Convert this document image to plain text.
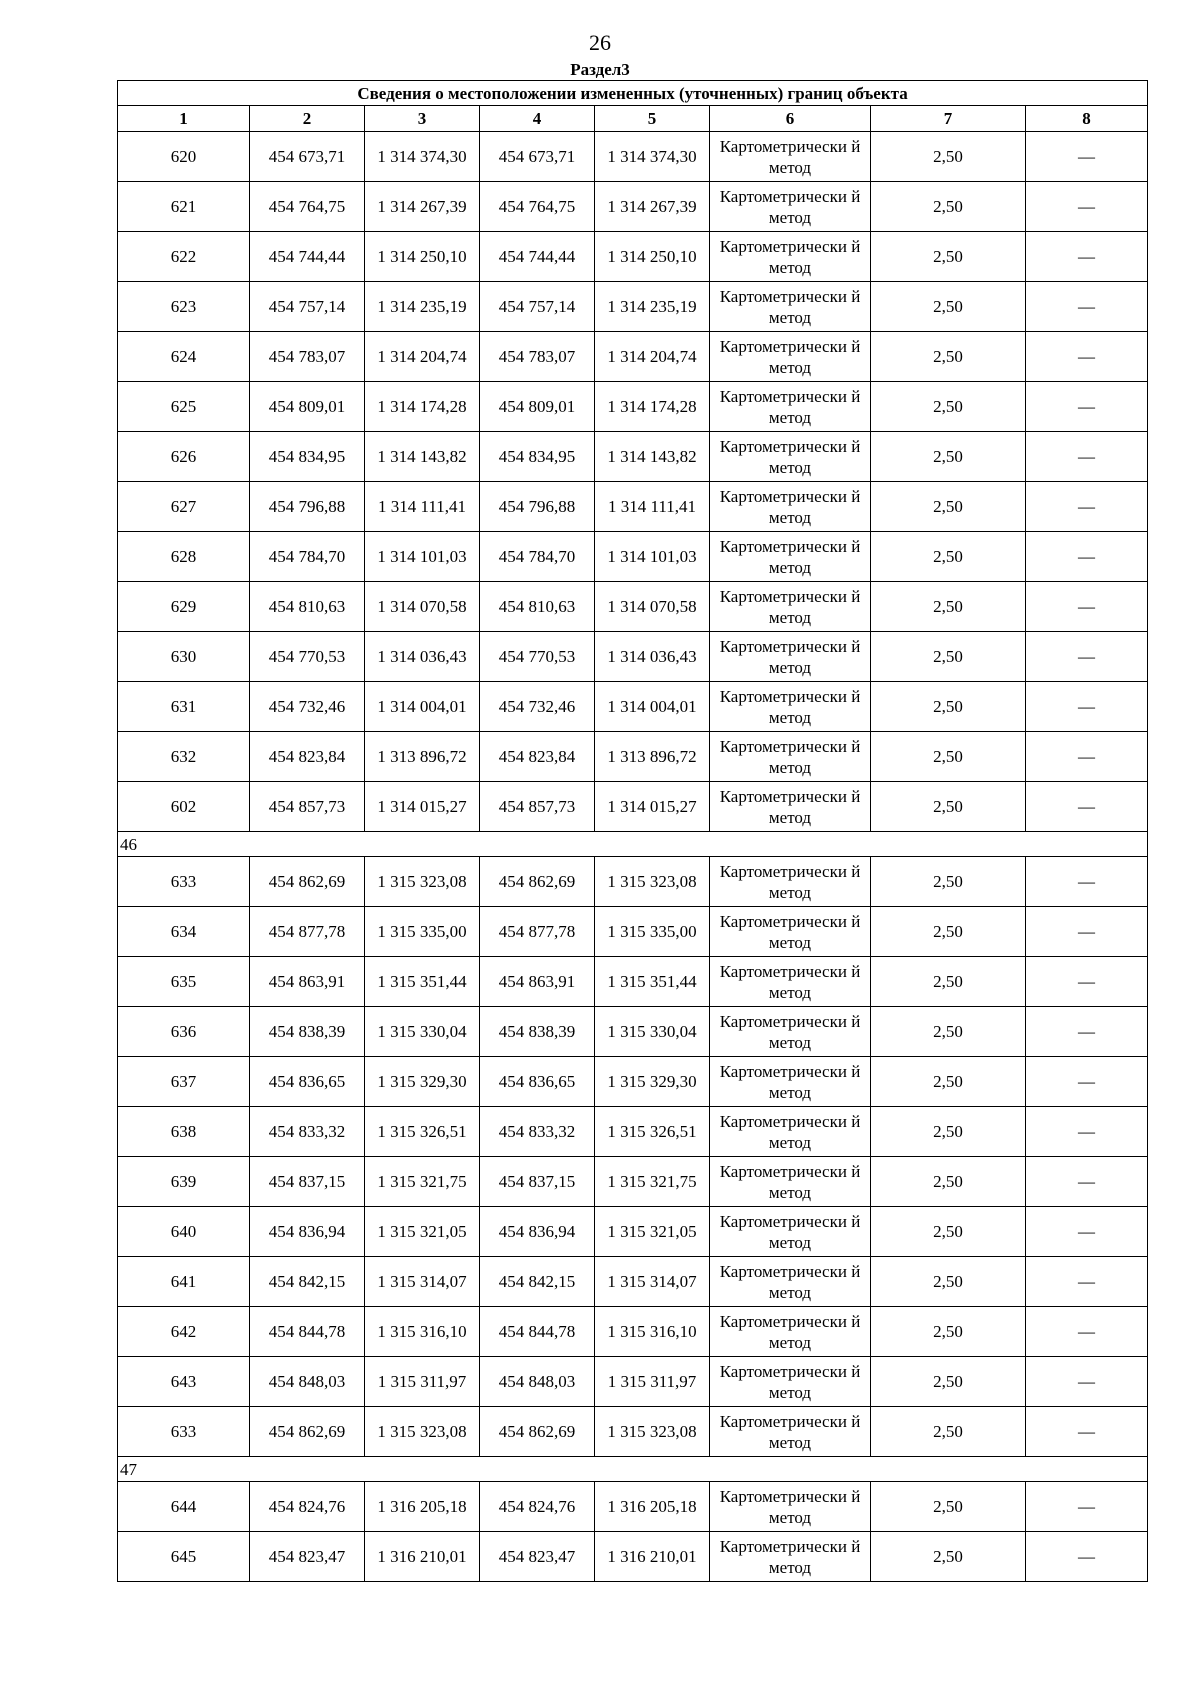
26
Раздел3
Сведения о местоположении измененных (уточненных) границ объекта							
1	2	3	4	5	6	7	8
620	454 673,71	1 314 374,30	454 673,71	1 314 374,30	Картометрически й метод	2,50	—
621	454 764,75	1 314 267,39	454 764,75	1 314 267,39	Картометрически й метод	2,50	—
622	454 744,44	1 314 250,10	454 744,44	1 314 250,10	Картометрически й метод	2,50	—
623	454 757,14	1 314 235,19	454 757,14	1 314 235,19	Картометрически й метод	2,50	—
624	454 783,07	1 314 204,74	454 783,07	1 314 204,74	Картометрически й метод	2,50	—
625	454 809,01	1 314 174,28	454 809,01	1 314 174,28	Картометрически й метод	2,50	—
626	454 834,95	1 314 143,82	454 834,95	1 314 143,82	Картометрически й метод	2,50	—
627	454 796,88	1 314 111,41	454 796,88	1 314 111,41	Картометрически й метод	2,50	—
628	454 784,70	1 314 101,03	454 784,70	1 314 101,03	Картометрически й метод	2,50	—
629	454 810,63	1 314 070,58	454 810,63	1 314 070,58	Картометрически й метод	2,50	—
630	454 770,53	1 314 036,43	454 770,53	1 314 036,43	Картометрически й метод	2,50	—
631	454 732,46	1 314 004,01	454 732,46	1 314 004,01	Картометрически й метод	2,50	—
632	454 823,84	1 313 896,72	454 823,84	1 313 896,72	Картометрически й метод	2,50	—
602	454 857,73	1 314 015,27	454 857,73	1 314 015,27	Картометрически й метод	2,50	—
46							
633	454 862,69	1 315 323,08	454 862,69	1 315 323,08	Картометрически й метод	2,50	—
634	454 877,78	1 315 335,00	454 877,78	1 315 335,00	Картометрически й метод	2,50	—
635	454 863,91	1 315 351,44	454 863,91	1 315 351,44	Картометрически й метод	2,50	—
636	454 838,39	1 315 330,04	454 838,39	1 315 330,04	Картометрически й метод	2,50	—
637	454 836,65	1 315 329,30	454 836,65	1 315 329,30	Картометрически й метод	2,50	—
638	454 833,32	1 315 326,51	454 833,32	1 315 326,51	Картометрически й метод	2,50	—
639	454 837,15	1 315 321,75	454 837,15	1 315 321,75	Картометрически й метод	2,50	—
640	454 836,94	1 315 321,05	454 836,94	1 315 321,05	Картометрически й метод	2,50	—
641	454 842,15	1 315 314,07	454 842,15	1 315 314,07	Картометрически й метод	2,50	—
642	454 844,78	1 315 316,10	454 844,78	1 315 316,10	Картометрически й метод	2,50	—
643	454 848,03	1 315 311,97	454 848,03	1 315 311,97	Картометрически й метод	2,50	—
633	454 862,69	1 315 323,08	454 862,69	1 315 323,08	Картометрически й метод	2,50	—
47							
644	454 824,76	1 316 205,18	454 824,76	1 316 205,18	Картометрически й метод	2,50	—
645	454 823,47	1 316 210,01	454 823,47	1 316 210,01	Картометрически й метод	2,50	—
